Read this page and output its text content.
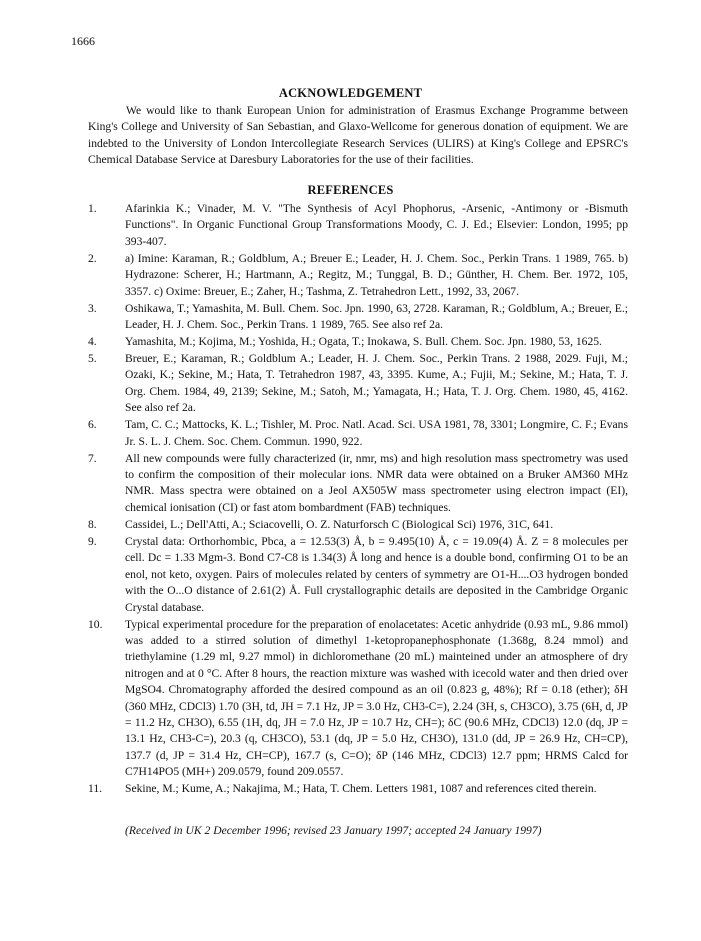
1666
ACKNOWLEDGEMENT
We would like to thank European Union for administration of Erasmus Exchange Programme between King's College and University of San Sebastian, and Glaxo-Wellcome for generous donation of equipment. We are indebted to the University of London Intercollegiate Research Services (ULIRS) at King's College and EPSRC's Chemical Database Service at Daresbury Laboratories for the use of their facilities.
REFERENCES
1. Afarinkia K.; Vinader, M. V. "The Synthesis of Acyl Phophorus, -Arsenic, -Antimony or -Bismuth Functions". In Organic Functional Group Transformations Moody, C. J. Ed.; Elsevier: London, 1995; pp 393-407.
2. a) Imine: Karaman, R.; Goldblum, A.; Breuer E.; Leader, H. J. Chem. Soc., Perkin Trans. 1 1989, 765. b) Hydrazone: Scherer, H.; Hartmann, A.; Regitz, M.; Tunggal, B. D.; Günther, H. Chem. Ber. 1972, 105, 3357. c) Oxime: Breuer, E.; Zaher, H.; Tashma, Z. Tetrahedron Lett., 1992, 33, 2067.
3. Oshikawa, T.; Yamashita, M. Bull. Chem. Soc. Jpn. 1990, 63, 2728. Karaman, R.; Goldblum, A.; Breuer, E.; Leader, H. J. Chem. Soc., Perkin Trans. 1 1989, 765. See also ref 2a.
4. Yamashita, M.; Kojima, M.; Yoshida, H.; Ogata, T.; Inokawa, S. Bull. Chem. Soc. Jpn. 1980, 53, 1625.
5. Breuer, E.; Karaman, R.; Goldblum A.; Leader, H. J. Chem. Soc., Perkin Trans. 2 1988, 2029. Fuji, M.; Ozaki, K.; Sekine, M.; Hata, T. Tetrahedron 1987, 43, 3395. Kume, A.; Fujii, M.; Sekine, M.; Hata, T. J. Org. Chem. 1984, 49, 2139; Sekine, M.; Satoh, M.; Yamagata, H.; Hata, T. J. Org. Chem. 1980, 45, 4162. See also ref 2a.
6. Tam, C. C.; Mattocks, K. L.; Tishler, M. Proc. Natl. Acad. Sci. USA 1981, 78, 3301; Longmire, C. F.; Evans Jr. S. L. J. Chem. Soc. Chem. Commun. 1990, 922.
7. All new compounds were fully characterized (ir, nmr, ms) and high resolution mass spectrometry was used to confirm the composition of their molecular ions. NMR data were obtained on a Bruker AM360 MHz NMR. Mass spectra were obtained on a Jeol AX505W mass spectrometer using electron impact (EI), chemical ionisation (CI) or fast atom bombardment (FAB) techniques.
8. Cassidei, L.; Dell'Atti, A.; Sciacovelli, O. Z. Naturforsch C (Biological Sci) 1976, 31C, 641.
9. Crystal data: Orthorhombic, Pbca, a = 12.53(3) Å, b = 9.495(10) Å, c = 19.09(4) Å. Z = 8 molecules per cell. Dc = 1.33 Mgm-3. Bond C7-C8 is 1.34(3) Å long and hence is a double bond, confirming O1 to be an enol, not keto, oxygen. Pairs of molecules related by centers of symmetry are O1-H....O3 hydrogen bonded with the O...O distance of 2.61(2) Å. Full crystallographic details are deposited in the Cambridge Organic Crystal database.
10. Typical experimental procedure for the preparation of enolacetates: Acetic anhydride (0.93 mL, 9.86 mmol) was added to a stirred solution of dimethyl 1-ketopropanephosphonate (1.368g, 8.24 mmol) and triethylamine (1.29 ml, 9.27 mmol) in dichloromethane (20 mL) mainteined under an atmosphere of dry nitrogen and at 0 °C. After 8 hours, the reaction mixture was washed with icecold water and then dried over MgSO4. Chromatography afforded the desired compound as an oil (0.823 g, 48%); Rf = 0.18 (ether); δH (360 MHz, CDCl3) 1.70 (3H, td, JH = 7.1 Hz, JP = 3.0 Hz, CH3-C=), 2.24 (3H, s, CH3CO), 3.75 (6H, d, JP = 11.2 Hz, CH3O), 6.55 (1H, dq, JH = 7.0 Hz, JP = 10.7 Hz, CH=); δC (90.6 MHz, CDCl3) 12.0 (dq, JP = 13.1 Hz, CH3-C=), 20.3 (q, CH3CO), 53.1 (dq, JP = 5.0 Hz, CH3O), 131.0 (dd, JP = 26.9 Hz, CH=CP), 137.7 (d, JP = 31.4 Hz, CH=CP), 167.7 (s, C=O); δP (146 MHz, CDCl3) 12.7 ppm; HRMS Calcd for C7H14PO5 (MH+) 209.0579, found 209.0557.
11. Sekine, M.; Kume, A.; Nakajima, M.; Hata, T. Chem. Letters 1981, 1087 and references cited therein.
(Received in UK 2 December 1996; revised 23 January 1997; accepted 24 January 1997)
